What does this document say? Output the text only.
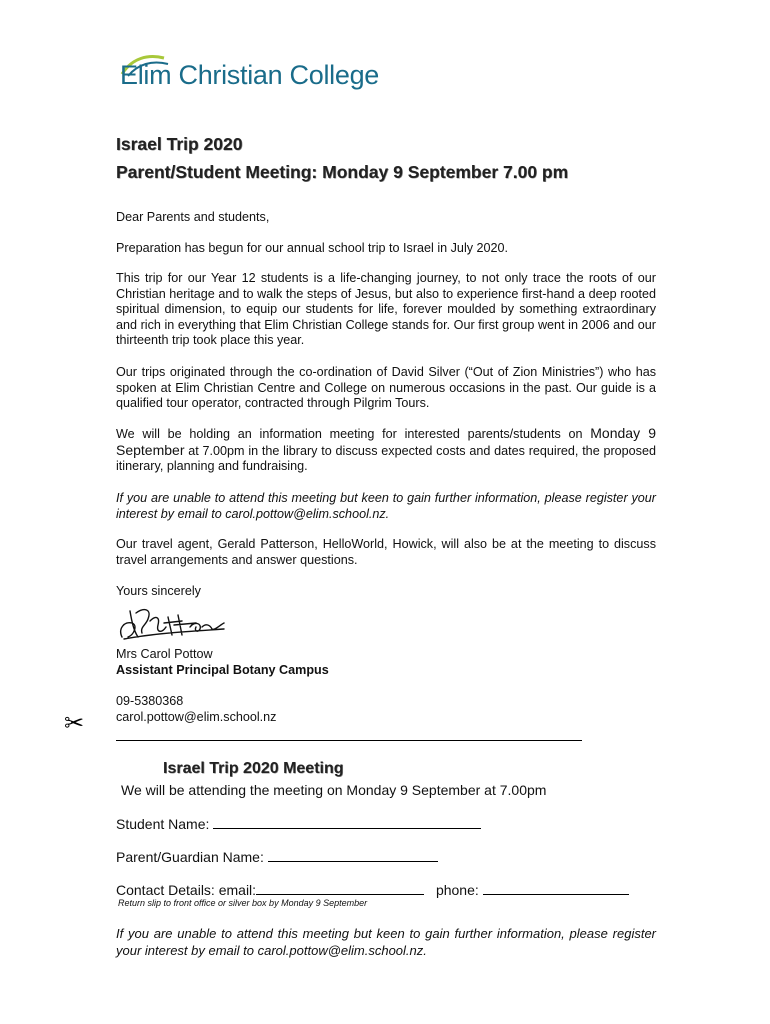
Elim Christian College
Israel Trip 2020
Parent/Student Meeting: Monday 9 September 7.00 pm

Dear Parents and students,

Preparation has begun for our annual school trip to Israel in July 2020.

This trip for our Year 12 students is a life-changing journey, to not only trace the roots of our Christian heritage and to walk the steps of Jesus, but also to experience first-hand a deep rooted spiritual dimension, to equip our students for life, forever moulded by something extraordinary and rich in everything that Elim Christian College stands for. Our first group went in 2006 and our thirteenth trip took place this year.

Our trips originated through the co-ordination of David Silver (“Out of Zion Ministries”) who has spoken at Elim Christian Centre and College on numerous occasions in the past. Our guide is a qualified tour operator, contracted through Pilgrim Tours.

We will be holding an information meeting for interested parents/students on Monday 9 September at 7.00pm in the library to discuss expected costs and dates required, the proposed itinerary, planning and fundraising.

If you are unable to attend this meeting but keen to gain further information, please register your interest by email to carol.pottow@elim.school.nz.

Our travel agent, Gerald Patterson, HelloWorld, Howick, will also be at the meeting to discuss travel arrangements and answer questions.

Yours sincerely

Mrs Carol Pottow
Assistant Principal Botany Campus
09-5380368
carol.pottow@elim.school.nz
✂
Israel Trip 2020 Meeting
We will be attending the meeting on Monday 9 September at 7.00pm
Student Name:
Parent/Guardian Name:
Contact Details: email:	phone:
Return slip to front office or silver box by Monday 9 September

If you are unable to attend this meeting but keen to gain further information, please register your interest by email to carol.pottow@elim.school.nz.
